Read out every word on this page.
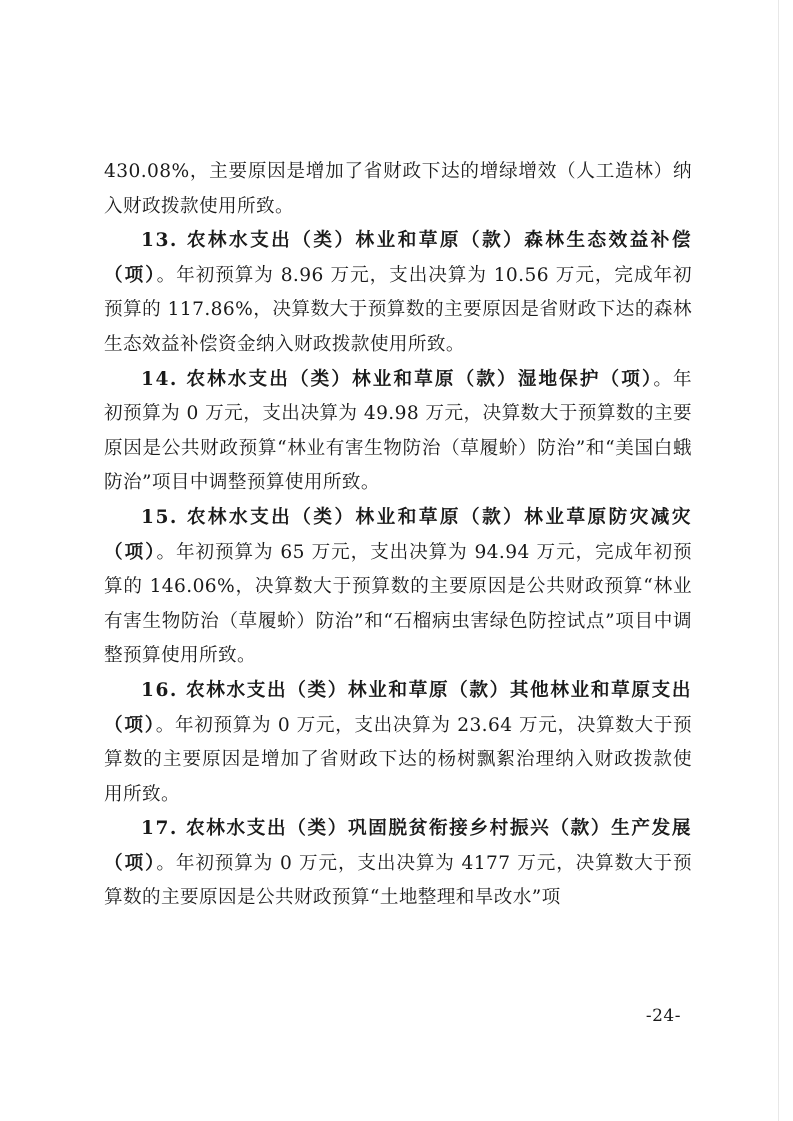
430.08%，主要原因是增加了省财政下达的增绿增效（人工造林）纳入财政拨款使用所致。

13. 农林水支出（类）林业和草原（款）森林生态效益补偿（项）。年初预算为 8.96 万元，支出决算为 10.56 万元，完成年初预算的 117.86%，决算数大于预算数的主要原因是省财政下达的森林生态效益补偿资金纳入财政拨款使用所致。

14. 农林水支出（类）林业和草原（款）湿地保护（项）。年初预算为 0 万元，支出决算为 49.98 万元，决算数大于预算数的主要原因是公共财政预算“林业有害生物防治（草履蚧）防治”和“美国白蛾防治”项目中调整预算使用所致。

15. 农林水支出（类）林业和草原（款）林业草原防灾减灾（项）。年初预算为 65 万元，支出决算为 94.94 万元，完成年初预算的 146.06%，决算数大于预算数的主要原因是公共财政预算“林业有害生物防治（草履蚧）防治”和“石榴病虫害绿色防控试点”项目中调整预算使用所致。

16. 农林水支出（类）林业和草原（款）其他林业和草原支出（项）。年初预算为 0 万元，支出决算为 23.64 万元，决算数大于预算数的主要原因是增加了省财政下达的杨树飘絮治理纳入财政拨款使用所致。

17. 农林水支出（类）巩固脱贫衔接乡村振兴（款）生产发展（项）。年初预算为 0 万元，支出决算为 4177 万元，决算数大于预算数的主要原因是公共财政预算“土地整理和旱改水”项

-24-
